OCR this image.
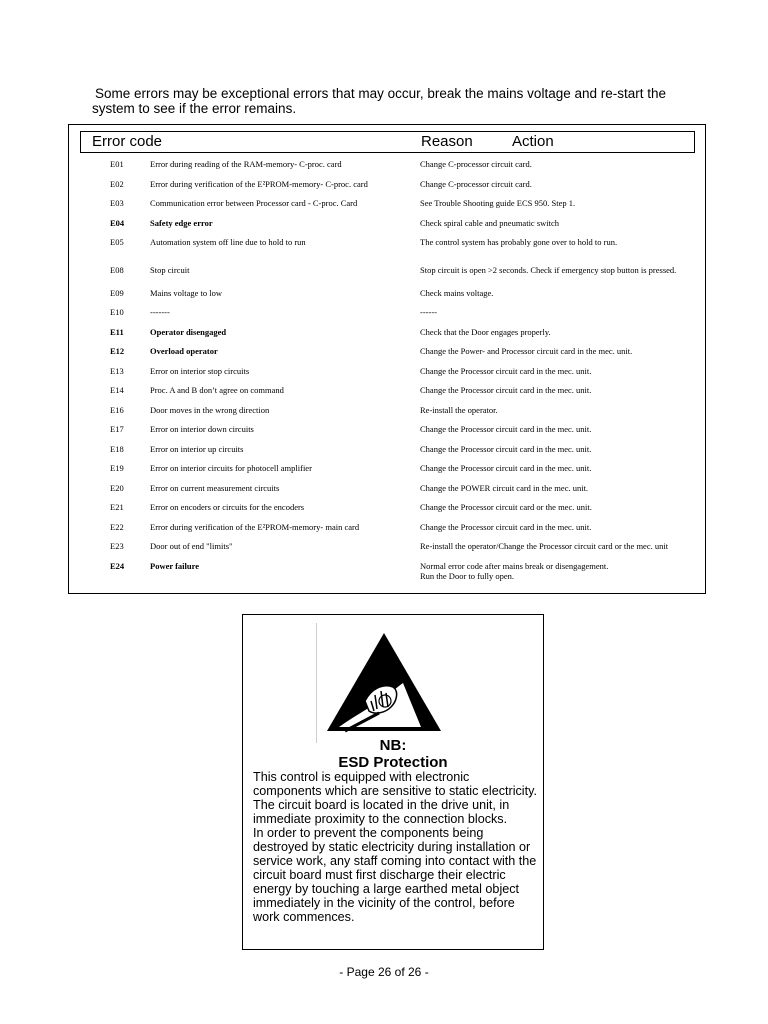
Some errors may be exceptional errors that may occur, break the mains voltage and re-start the
system to see if the error remains.
Error code	Reason	Action
E01	Error during reading of the RAM-memory- C-proc. card	Change C-processor circuit card.
E02	Error during verification of the E²PROM-memory- C-proc. card	Change C-processor circuit card.
E03	Communication error between Processor card - C-proc. Card	See Trouble Shooting guide ECS 950. Step 1.
E04	Safety edge error	Check spiral cable and pneumatic switch
E05	Automation system off line due to hold to run	The control system has probably gone over to hold to run.
E08	Stop circuit	Stop circuit is open >2 seconds. Check if emergency stop button is pressed.
E09	Mains voltage to low	Check mains voltage.
E10	-------	------
E11	Operator disengaged	Check that the Door engages properly.
E12	Overload operator	Change the Power- and Processor circuit card in the mec. unit.
E13	Error on interior stop circuits	Change the Processor circuit card in the mec. unit.
E14	Proc. A and B don’t agree on command	Change the Processor circuit card in the mec. unit.
E16	Door moves in the wrong direction	Re-install the operator.
E17	Error on interior down circuits	Change the Processor circuit card in the mec. unit.
E18	Error on interior up circuits	Change the Processor circuit card in the mec. unit.
E19	Error on interior circuits for photocell amplifier	Change the Processor circuit card in the mec. unit.
E20	Error on current measurement circuits	Change the POWER circuit card in the mec. unit.
E21	Error on encoders or circuits for the encoders	Change the Processor circuit card or the mec. unit.
E22	Error during verification of the E²PROM-memory- main card	Change the Processor circuit card in the mec. unit.
E23	Door out of end "limits"	Re-install the operator/Change the Processor circuit card or the mec. unit
E24	Power failure	Normal error code after mains break or disengagement.
Run the Door to fully open.
NB:
ESD Protection

This control is equipped with electronic components which are sensitive to static electricity. The circuit board is located in the drive unit, in immediate proximity to the connection blocks.

In order to prevent the components being destroyed by static electricity during installation or service work, any staff coming into contact with the circuit board must first discharge their electric energy by touching a large earthed metal object immediately in the vicinity of the control, before work commences.

- Page 26 of 26 -
